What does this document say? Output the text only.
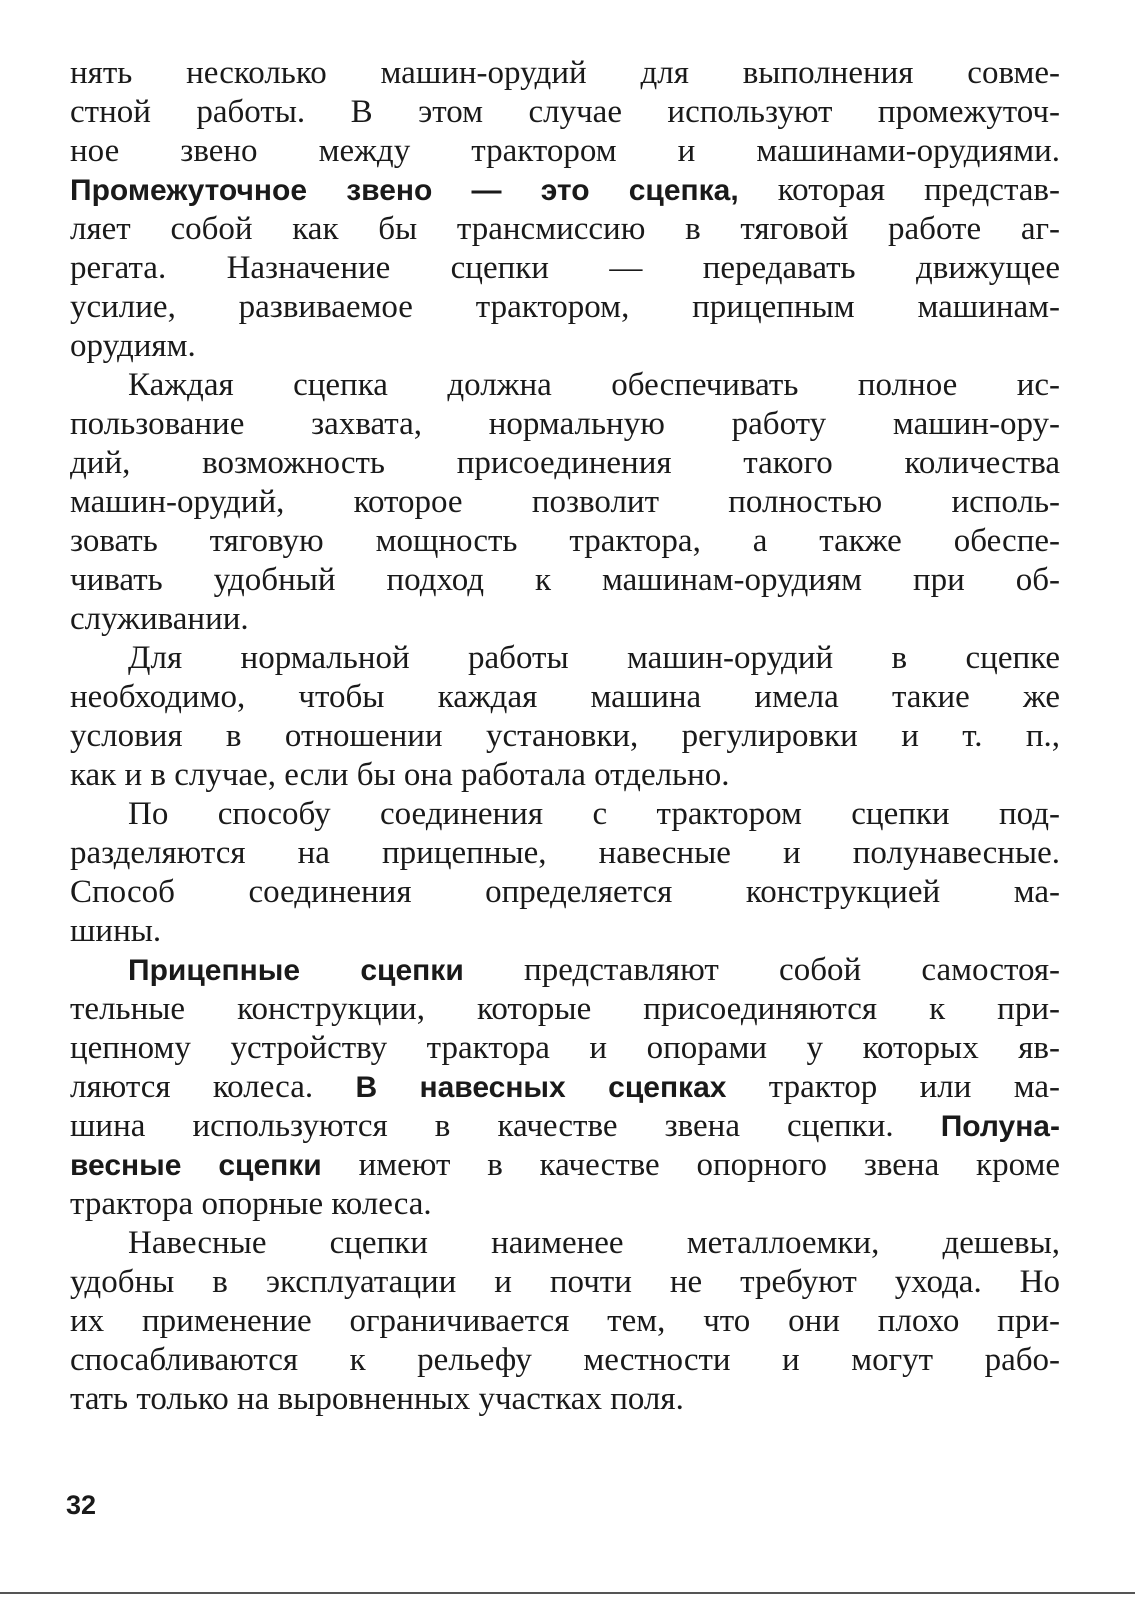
нять несколько машин-орудий для выполнения совме-
стной работы. В этом случае используют промежуточ-
ное звено между трактором и машинами-орудиями.
Промежуточное звено — это сцепка, которая представ-
ляет собой как бы трансмиссию в тяговой работе аг-
регата. Назначение сцепки — передавать движущее
усилие, развиваемое трактором, прицепным машинам-
орудиям.
Каждая сцепка должна обеспечивать полное ис-
пользование захвата, нормальную работу машин-ору-
дий, возможность присоединения такого количества
машин-орудий, которое позволит полностью исполь-
зовать тяговую мощность трактора, а также обеспе-
чивать удобный подход к машинам-орудиям при об-
служивании.
Для нормальной работы машин-орудий в сцепке
необходимо, чтобы каждая машина имела такие же
условия в отношении установки, регулировки и т. п.,
как и в случае, если бы она работала отдельно.
По способу соединения с трактором сцепки под-
разделяются на прицепные, навесные и полунавесные.
Способ соединения определяется конструкцией ма-
шины.
Прицепные сцепки представляют собой самостоя-
тельные конструкции, которые присоединяются к при-
цепному устройству трактора и опорами у которых яв-
ляются колеса. В навесных сцепках трактор или ма-
шина используются в качестве звена сцепки. Полуна-
весные сцепки имеют в качестве опорного звена кроме
трактора опорные колеса.
Навесные сцепки наименее металлоемки, дешевы,
удобны в эксплуатации и почти не требуют ухода. Но
их применение ограничивается тем, что они плохо при-
спосабливаются к рельефу местности и могут рабо-
тать только на выровненных участках поля.
32
